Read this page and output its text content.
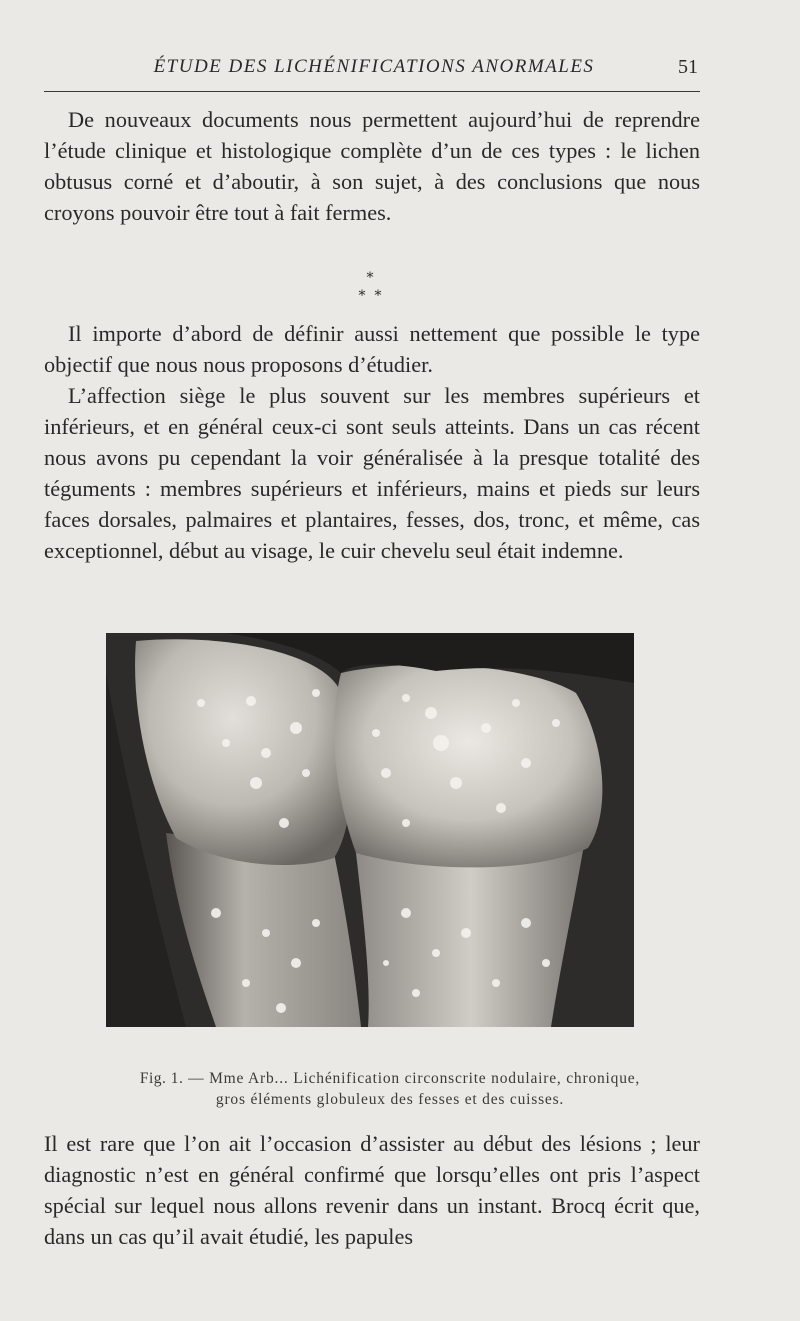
ÉTUDE DES LICHÉNIFICATIONS ANORMALES	51

De nouveaux documents nous permettent aujourd’hui de reprendre l’étude clinique et histologique complète d’un de ces types : le lichen obtusus corné et d’aboutir, à son sujet, à des conclusions que nous croyons pouvoir être tout à fait fermes.

*
* *

Il importe d’abord de définir aussi nettement que possible le type objectif que nous nous proposons d’étudier.

L’affection siège le plus souvent sur les membres supérieurs et inférieurs, et en général ceux-ci sont seuls atteints. Dans un cas récent nous avons pu cependant la voir généralisée à la presque totalité des téguments : membres supérieurs et inférieurs, mains et pieds sur leurs faces dorsales, palmaires et plantaires, fesses, dos, tronc, et même, cas exceptionnel, début au visage, le cuir chevelu seul était indemne.

Fig. 1. — Mme Arb... Lichénification circonscrite nodulaire, chronique,
gros éléments globuleux des fesses et des cuisses.

Il est rare que l’on ait l’occasion d’assister au début des lésions ; leur diagnostic n’est en général confirmé que lorsqu’elles ont pris l’aspect spécial sur lequel nous allons revenir dans un instant. Brocq écrit que, dans un cas qu’il avait étudié, les papules
